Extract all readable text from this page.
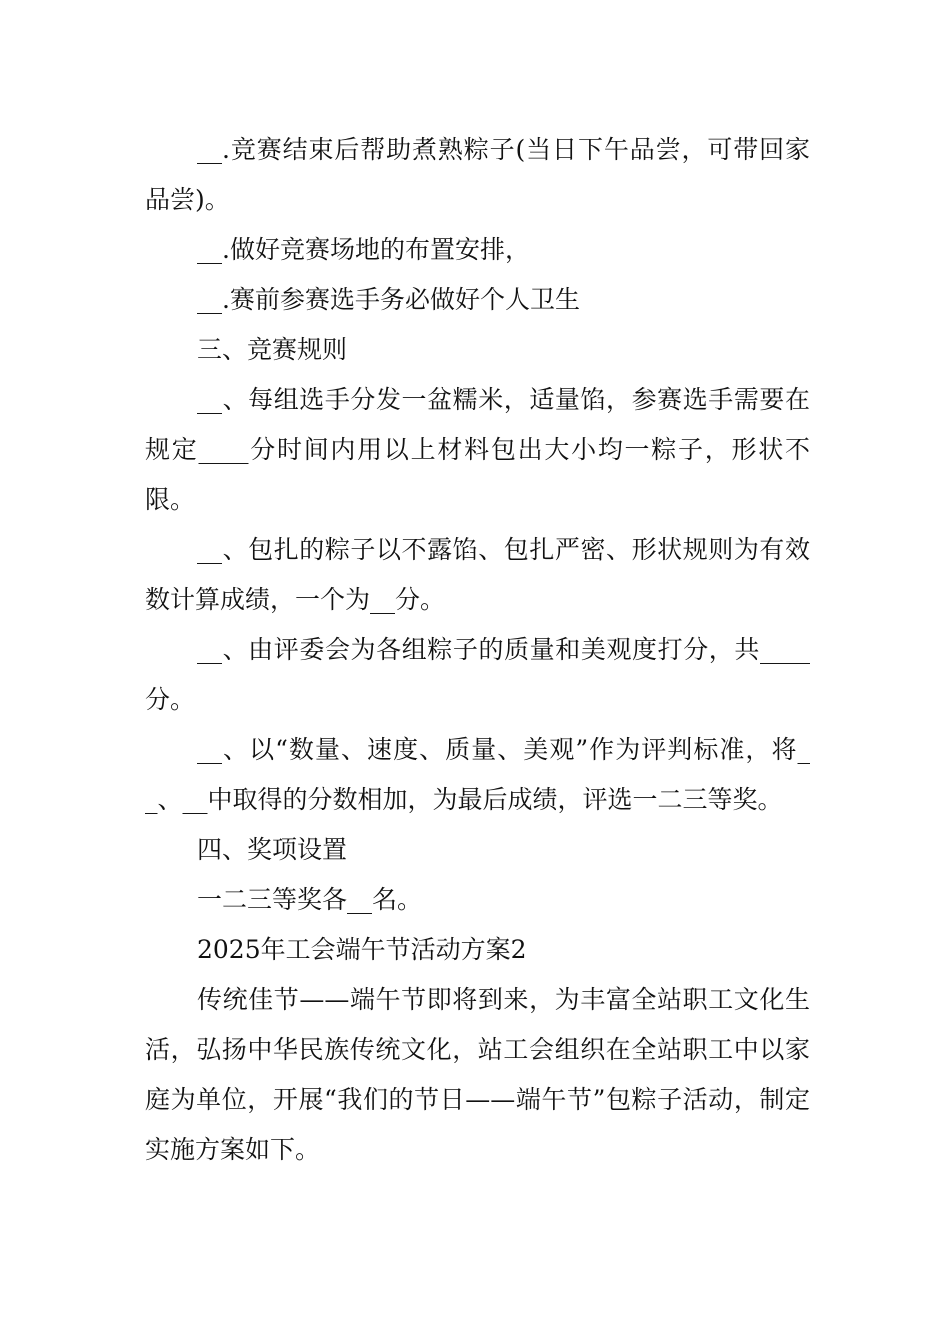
__.竞赛结束后帮助煮熟粽子(当日下午品尝，可带回家品尝)。

__.做好竞赛场地的布置安排，

__.赛前参赛选手务必做好个人卫生

三、竞赛规则

__、每组选手分发一盆糯米，适量馅，参赛选手需要在规定____分时间内用以上材料包出大小均一粽子，形状不限。

__、包扎的粽子以不露馅、包扎严密、形状规则为有效数计算成绩，一个为__分。

__、由评委会为各组粽子的质量和美观度打分，共____分。

__、以“数量、速度、质量、美观”作为评判标准，将__、__中取得的分数相加，为最后成绩，评选一二三等奖。

四、奖项设置

一二三等奖各__名。

2025年工会端午节活动方案2

传统佳节——端午节即将到来，为丰富全站职工文化生活，弘扬中华民族传统文化，站工会组织在全站职工中以家庭为单位，开展“我们的节日——端午节”包粽子活动，制定实施方案如下。
